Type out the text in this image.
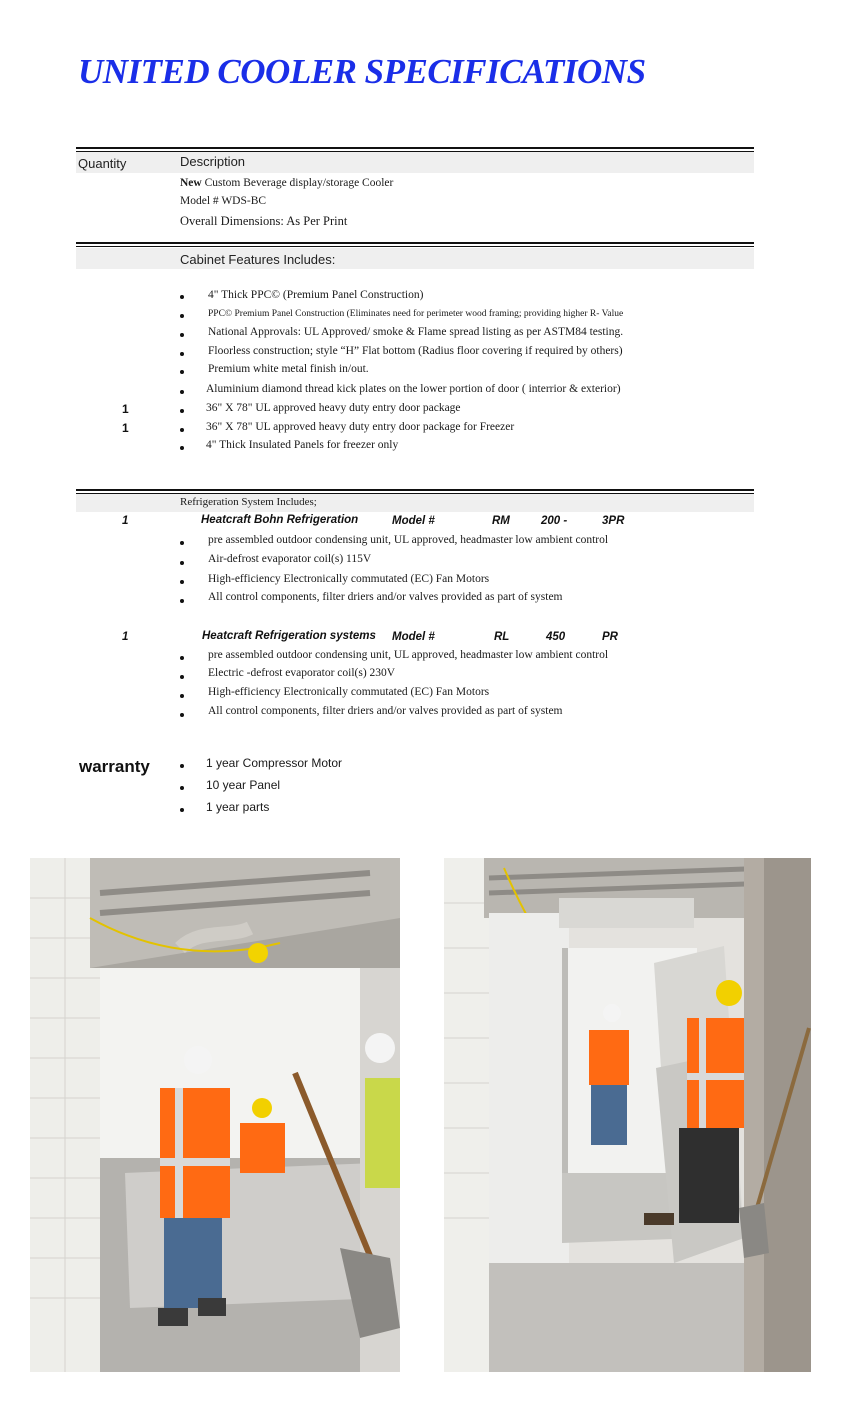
UNITED COOLER SPECIFICATIONS
Quantity	Description
New Custom Beverage display/storage Cooler
Model # WDS-BC
Overall Dimensions: As Per Print
Cabinet Features Includes:
4" Thick PPC© (Premium Panel Construction)
PPC© Premium Panel Construction (Eliminates need for perimeter wood framing; providing higher R- Value
National Approvals: UL Approved/ smoke & Flame spread listing as per ASTM84 testing.
Floorless construction; style “H” Flat bottom (Radius floor covering if required by others)
Premium white metal finish in/out.
Aluminium diamond thread kick plates on the lower portion of door ( interrior & exterior)
1	36" X 78" UL approved heavy duty entry door package
1	36" X 78" UL approved heavy duty entry door package for Freezer
4" Thick Insulated Panels for freezer only
Refrigeration System Includes;
1	Heatcraft Bohn Refrigeration	Model #	RM	200 -	3PR
pre assembled outdoor condensing unit, UL approved, headmaster low ambient control
Air-defrost evaporator coil(s) 115V
High-efficiency Electronically commutated (EC) Fan Motors
All control components, filter driers and/or valves provided as part of system
1	Heatcraft Refrigeration systems Model #	RL	450	PR
pre assembled outdoor condensing unit, UL approved, headmaster low ambient control
Electric -defrost evaporator coil(s) 230V
High-efficiency Electronically commutated (EC) Fan Motors
All control components, filter driers and/or valves provided as part of system
warranty	1 year Compressor Motor
10 year Panel
1 year parts
